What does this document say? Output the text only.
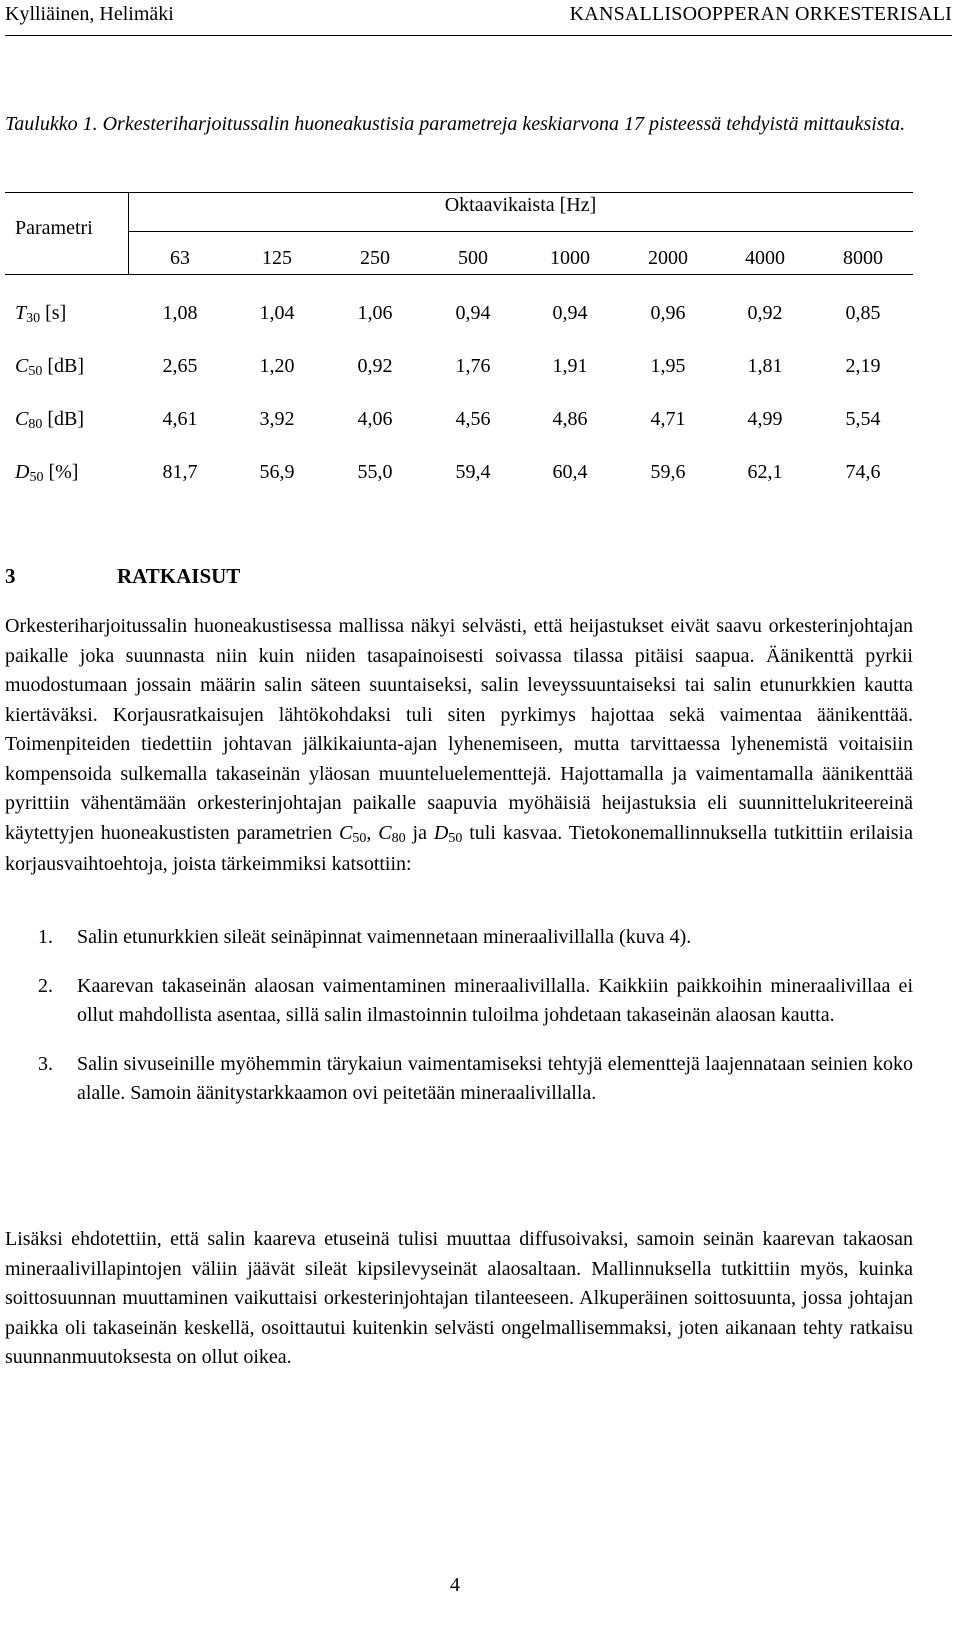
Kylliäinen, Helimäki	KANSALLISOOPPERAN ORKESTERISALI
Taulukko 1. Orkesteriharjoitussalin huoneakustisia parametreja keskiarvona 17 pisteessä tehdyistä mittauksista.
Parametri
Oktaavikaista [Hz]
63	125	250	500	1000	2000	4000	8000
$T_{30}$ [s]	1,08	1,04	1,06	0,94	0,94	0,96	0,92	0,85
$C_{50}$ [dB]	2,65	1,20	0,92	1,76	1,91	1,95	1,81	2,19
$C_{80}$ [dB]	4,61	3,92	4,06	4,56	4,86	4,71	4,99	5,54
$D_{50}$ [%]	81,7	56,9	55,0	59,4	60,4	59,6	62,1	74,6
3	RATKAISUT
Orkesteriharjoitussalin huoneakustisessa mallissa näkyi selvästi, että heijastukset eivät saavu orkesterinjohtajan paikalle joka suunnasta niin kuin niiden tasapainoisesti soivassa tilassa pitäisi saapua. Äänikenttä pyrkii muodostumaan jossain määrin salin säteen suuntaiseksi, salin leveyssuuntaiseksi tai salin etunurkkien kautta kiertäväksi. Korjausratkaisujen lähtökohdaksi tuli siten pyrkimys hajottaa sekä vaimentaa äänikenttää. Toimenpiteiden tiedettiin johtavan jälkikaiunta-ajan lyhenemiseen, mutta tarvittaessa lyhenemistä voitaisiin kompensoida sulkemalla takaseinän yläosan muunteluelementtejä. Hajottamalla ja vaimentamalla äänikenttää pyrittiin vähentämään orkesterinjohtajan paikalle saapuvia myöhäisiä heijastuksia eli suunnittelukriteereinä käytettyjen huoneakustisten parametrien $C_{50}$, $C_{80}$ ja $D_{50}$ tuli kasvaa. Tietokonemallinnuksella tutkittiin erilaisia korjausvaihtoehtoja, joista tärkeimmiksi katsottiin:
1. Salin etunurkkien sileät seinäpinnat vaimennetaan mineraalivillalla (kuva 4).
2. Kaarevan takaseinän alaosan vaimentaminen mineraalivillalla. Kaikkiin paikkoihin mineraalivillaa ei ollut mahdollista asentaa, sillä salin ilmastoinnin tuloilma johdetaan takaseinän alaosan kautta.
3. Salin sivuseinille myöhemmin tärykaiun vaimentamiseksi tehtyjä elementtejä laajennataan seinien koko alalle. Samoin äänitystarkkaamon ovi peitetään mineraalivillalla.
Lisäksi ehdotettiin, että salin kaareva etuseinä tulisi muuttaa diffusoivaksi, samoin seinän kaarevan takaosan mineraalivillapintojen väliin jäävät sileät kipsilevyseinät alaosaltaan. Mallinnuksella tutkittiin myös, kuinka soittosuunnan muuttaminen vaikuttaisi orkesterinjohtajan tilanteeseen. Alkuperäinen soittosuunta, jossa johtajan paikka oli takaseinän keskellä, osoittautui kuitenkin selvästi ongelmallisemmaksi, joten aikanaan tehty ratkaisu suunnanmuutoksesta on ollut oikea.
4
